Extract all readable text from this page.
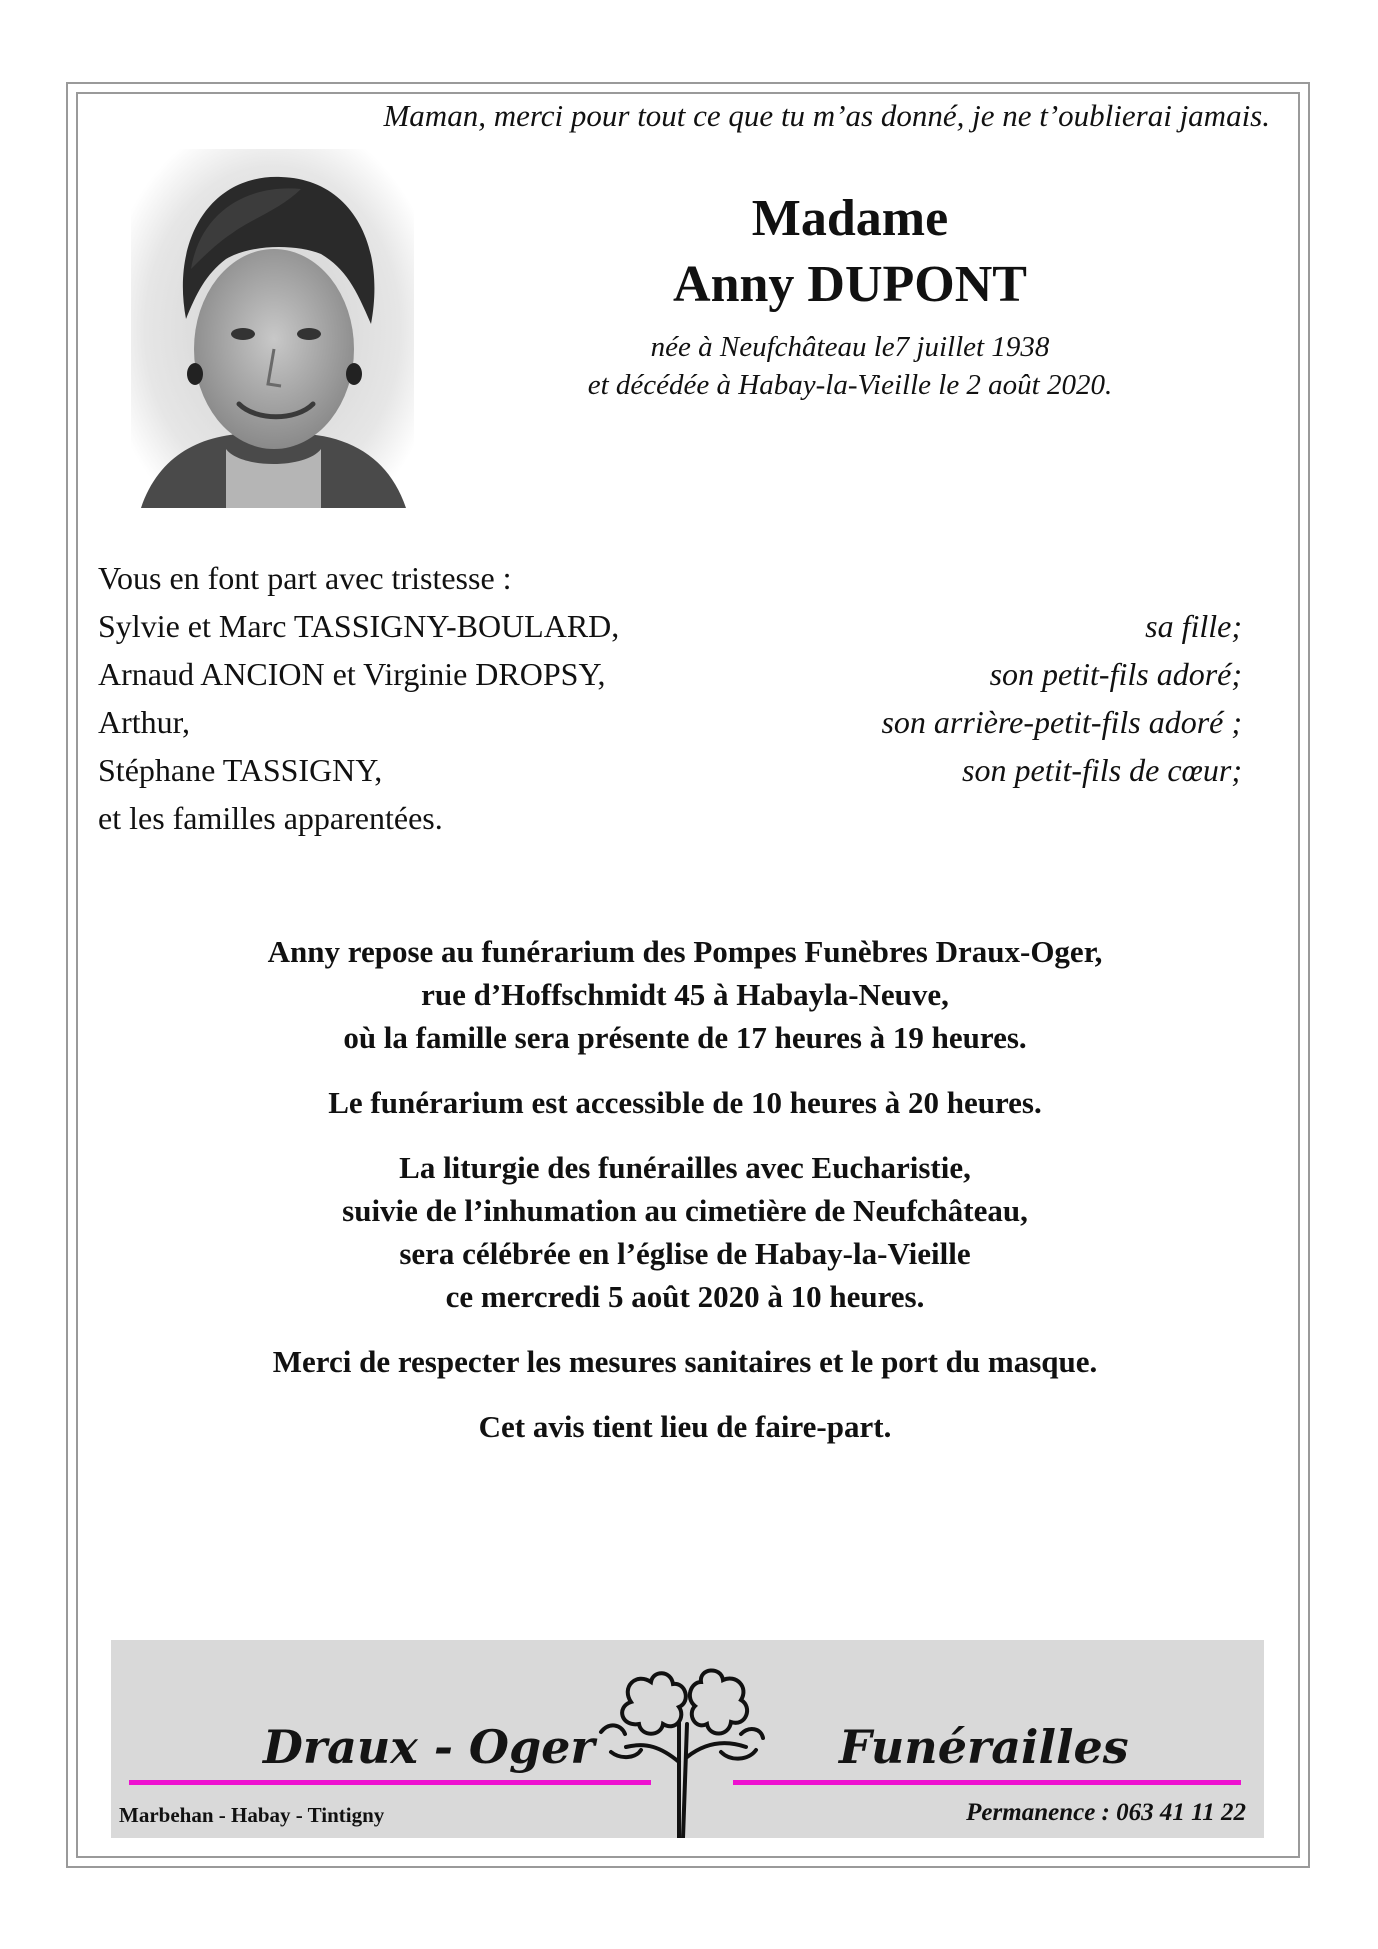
Maman, merci pour tout ce que tu m’as donné, je ne t’oublierai jamais.
Madame
Anny DUPONT
née à Neufchâteau le7 juillet 1938
et décédée à Habay-la-Vieille le 2 août 2020.
Vous en font part avec tristesse :
Sylvie et Marc TASSIGNY-BOULARD,	sa fille;
Arnaud ANCION et Virginie DROPSY,	son petit-fils adoré;
Arthur,	son arrière-petit-fils adoré ;
Stéphane TASSIGNY,	son petit-fils de cœur;
et les familles apparentées.
Anny repose au funérarium des Pompes Funèbres Draux-Oger,
rue d’Hoffschmidt 45 à Habayla-Neuve,
où la famille sera présente de 17 heures à 19 heures.
Le funérarium est accessible de 10 heures à 20 heures.
La liturgie des funérailles avec Eucharistie,
suivie de l’inhumation au cimetière de Neufchâteau,
sera célébrée en l’église de Habay-la-Vieille
ce mercredi 5 août 2020 à 10 heures.
Merci de respecter les mesures sanitaires et le port du masque.
Cet avis tient lieu de faire-part.
Draux - Oger	Funérailles
Marbehan - Habay - Tintigny	Permanence : 063 41 11 22
